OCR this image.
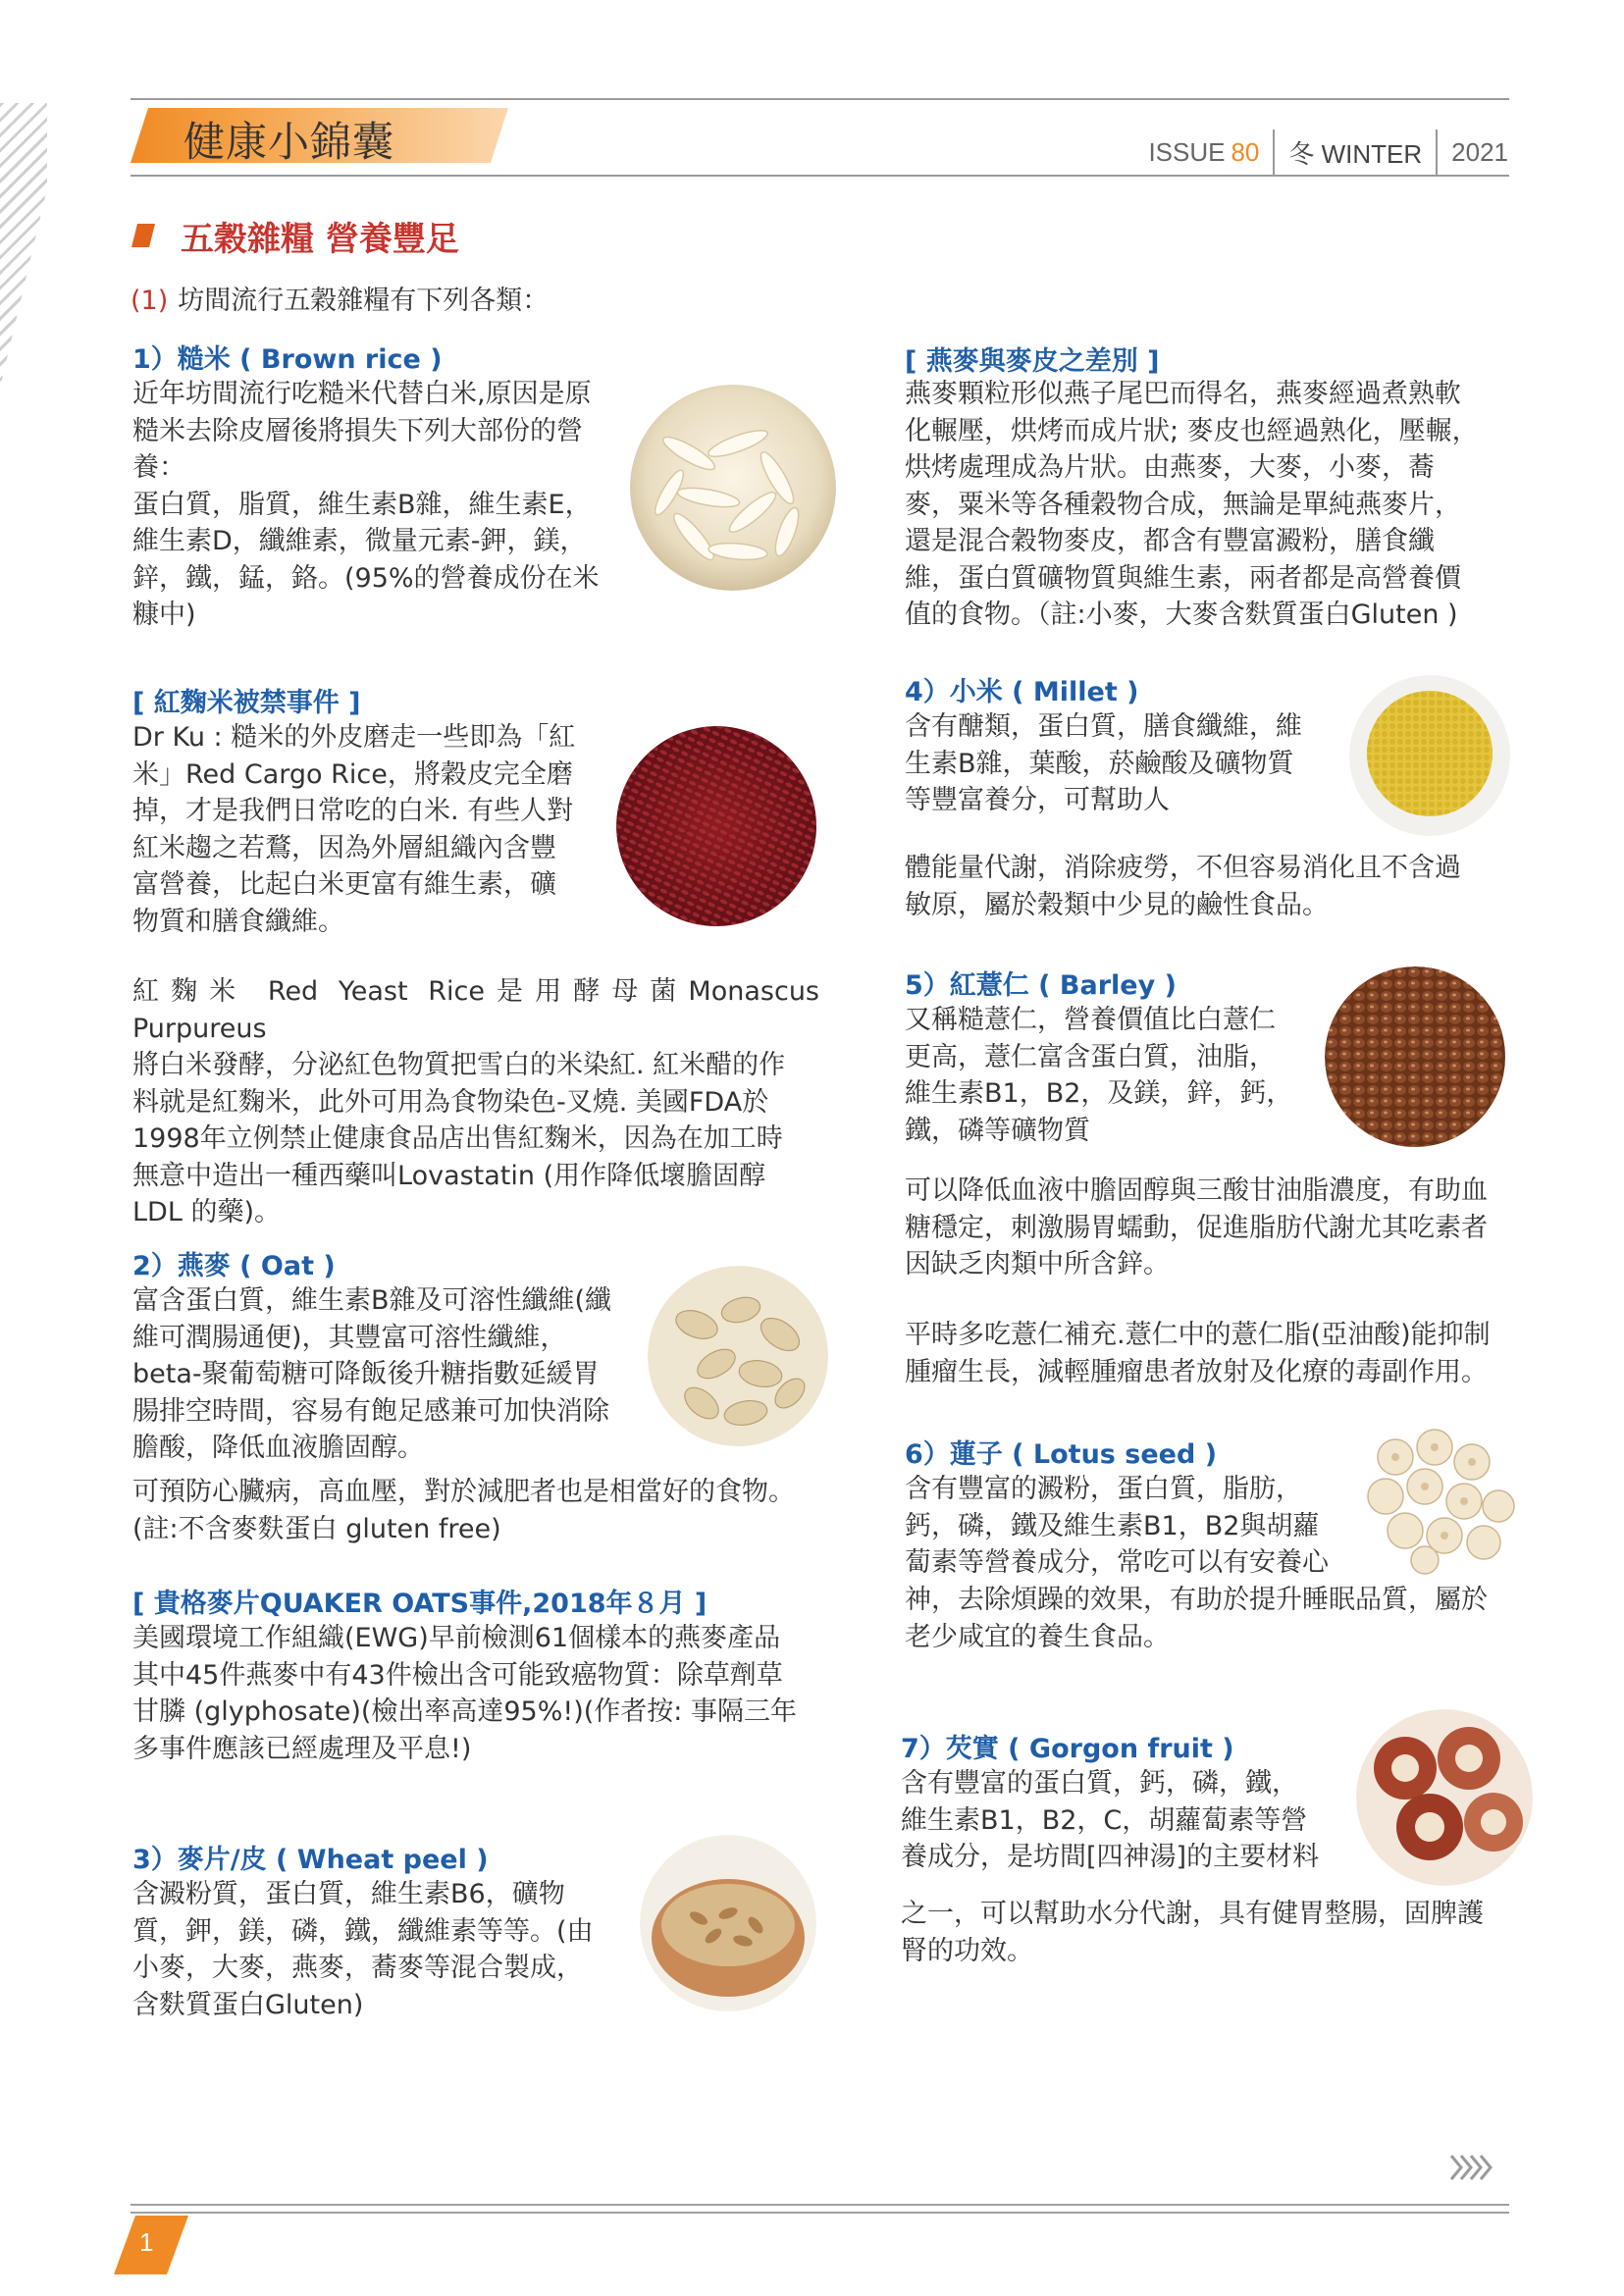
健康小錦囊	ISSUE 80 冬 WINTER 2021
五穀雜糧 營養豐足
(1) 坊間流行五穀雜糧有下列各類：
1）糙米 ( Brown rice )
近年坊間流行吃糙米代替白米,原因是原
糙米去除皮層後將損失下列大部份的營
養：
蛋白質，脂質，維生素B雜，維生素E，
維生素D，纖維素，微量元素-鉀，鎂，
鋅，鐵，錳，鉻。(95%的營養成份在米
糠中)
[ 紅麴米被禁事件 ]
Dr Ku : 糙米的外皮磨走一些即為「紅
米」Red Cargo Rice，將穀皮完全磨
掉，才是我們日常吃的白米. 有些人對
紅米趨之若鶩，因為外層組織內含豐
富營養，比起白米更富有維生素，礦
物質和膳食纖維。
紅麴米 Red Yeast Rice是用酵母菌Monascus Purpureus
將白米發酵，分泌紅色物質把雪白的米染紅. 紅米醋的作
料就是紅麴米，此外可用為食物染色-叉燒. 美國FDA於
1998年立例禁止健康食品店出售紅麴米，因為在加工時
無意中造出一種西藥叫Lovastatin (用作降低壞膽固醇
LDL 的藥)。
2）燕麥 ( Oat )
富含蛋白質，維生素B雜及可溶性纖維(纖
維可潤腸通便)，其豐富可溶性纖維，
beta-聚葡萄糖可降飯後升糖指數延緩胃
腸排空時間，容易有飽足感兼可加快消除
膽酸，降低血液膽固醇。
可預防心臟病，高血壓，對於減肥者也是相當好的食物。
(註:不含麥麩蛋白 gluten free)
[ 貴格麥片QUAKER OATS事件,2018年８月 ]
美國環境工作組織(EWG)早前檢測61個樣本的燕麥產品
其中45件燕麥中有43件檢出含可能致癌物質：除草劑草
甘膦 (glyphosate)(檢出率高達95%!)(作者按: 事隔三年
多事件應該已經處理及平息!)
3）麥片/皮 ( Wheat peel )
含澱粉質，蛋白質，維生素B6，礦物
質，鉀，鎂，磷，鐵，纖維素等等。(由
小麥，大麥，燕麥，蕎麥等混合製成，
含麩質蛋白Gluten)
[ 燕麥與麥皮之差別 ]
燕麥顆粒形似燕子尾巴而得名，燕麥經過煮熟軟
化輾壓，烘烤而成片狀; 麥皮也經過熟化，壓輾，
烘烤處理成為片狀。由燕麥，大麥，小麥，蕎
麥，粟米等各種穀物合成，無論是單純燕麥片，
還是混合穀物麥皮，都含有豐富澱粉，膳食纖
維，蛋白質礦物質與維生素，兩者都是高營養價
值的食物。（註:小麥，大麥含麩質蛋白Gluten )
4）小米 ( Millet )
含有醣類，蛋白質，膳食纖維，維
生素B雜，葉酸，菸鹼酸及礦物質
等豐富養分，可幫助人
體能量代謝，消除疲勞，不但容易消化且不含過
敏原，屬於穀類中少見的鹼性食品。
5）紅薏仁 ( Barley )
又稱糙薏仁，營養價值比白薏仁
更高，薏仁富含蛋白質，油脂，
維生素B1，B2，及鎂，鋅，鈣，
鐵，磷等礦物質
可以降低血液中膽固醇與三酸甘油脂濃度，有助血
糖穩定，刺激腸胃蠕動，促進脂肪代謝尤其吃素者
因缺乏肉類中所含鋅。
平時多吃薏仁補充.薏仁中的薏仁脂(亞油酸)能抑制
腫瘤生長，減輕腫瘤患者放射及化療的毒副作用。
6）蓮子 ( Lotus seed )
含有豐富的澱粉，蛋白質，脂肪，
鈣，磷，鐵及維生素B1，B2與胡蘿
蔔素等營養成分，常吃可以有安養心
神，去除煩躁的效果，有助於提升睡眠品質，屬於
老少咸宜的養生食品。
7）芡實 ( Gorgon fruit )
含有豐富的蛋白質，鈣，磷，鐵，
維生素B1，B2，C，胡蘿蔔素等營
養成分，是坊間[四神湯]的主要材料
之一，可以幫助水分代謝，具有健胃整腸，固脾護
腎的功效。
1
